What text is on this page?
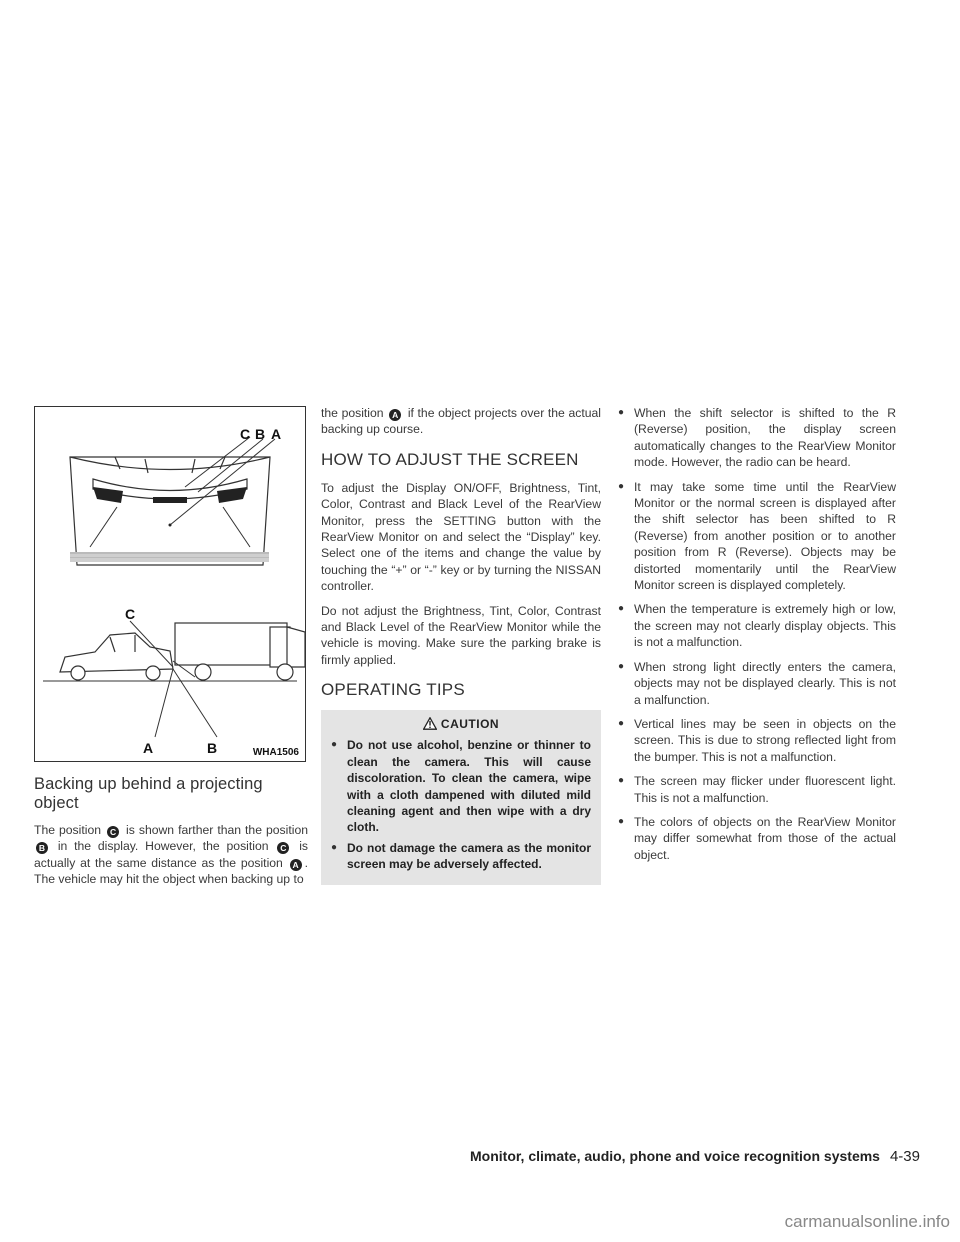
C B A
C
A	B	WHA1506
Backing up behind a projecting object

The position C is shown farther than the position B in the display. However, the position C is actually at the same distance as the position A . The vehicle may hit the object when backing up to

the position A if the object projects over the actual backing up course.

HOW TO ADJUST THE SCREEN

To adjust the Display ON/OFF, Brightness, Tint, Color, Contrast and Black Level of the RearView Monitor, press the SETTING button with the RearView Monitor on and select the “Display” key. Select one of the items and change the value by touching the “+” or “-” key or by turning the NISSAN controller.

Do not adjust the Brightness, Tint, Color, Contrast and Black Level of the RearView Monitor while the vehicle is moving. Make sure the parking brake is firmly applied.

OPERATING TIPS
CAUTION
● Do not use alcohol, benzine or thinner to clean the camera. This will cause discoloration. To clean the camera, wipe with a cloth dampened with diluted mild cleaning agent and then wipe with a dry cloth.
● Do not damage the camera as the monitor screen may be adversely affected.
● When the shift selector is shifted to the R (Reverse) position, the display screen automatically changes to the RearView Monitor mode. However, the radio can be heard.
● It may take some time until the RearView Monitor or the normal screen is displayed after the shift selector has been shifted to R (Reverse) from another position or to another position from R (Reverse). Objects may be distorted momentarily until the RearView Monitor screen is displayed completely.
● When the temperature is extremely high or low, the screen may not clearly display objects. This is not a malfunction.
● When strong light directly enters the camera, objects may not be displayed clearly. This is not a malfunction.
● Vertical lines may be seen in objects on the screen. This is due to strong reflected light from the bumper. This is not a malfunction.
● The screen may flicker under fluorescent light. This is not a malfunction.
● The colors of objects on the RearView Monitor may differ somewhat from those of the actual object.
Monitor, climate, audio, phone and voice recognition systems 4-39
carmanualsonline.info
